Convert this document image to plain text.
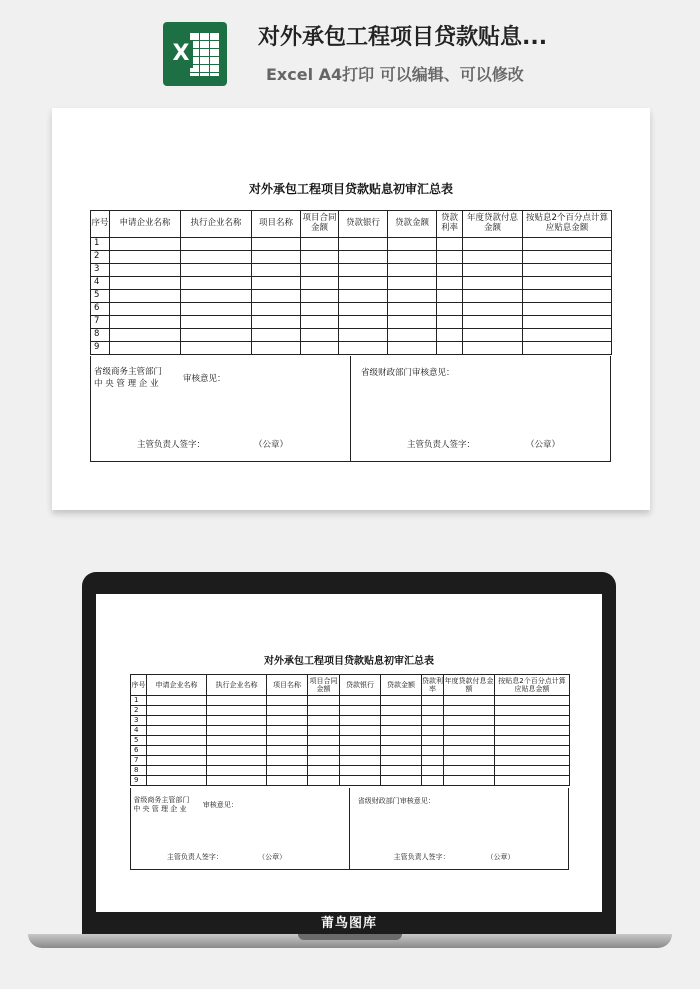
X
对外承包工程项目贷款贴息...
Excel A4打印 可以编辑、可以修改
对外承包工程项目贷款贴息初审汇总表
序号	申请企业名称	执行企业名称	项目名称	项目合同金额	贷款银行	贷款金额	贷款利率	年度贷款付息金额	按贴息2个百分点计算应贴息金额
1									
2									
3									
4									
5									
6									
7									
8									
9									
省级商务主管部门
中 央 管 理 企 业	审核意见：
主管负责人签字：	（公章）
省级财政部门审核意见：
主管负责人签字：	（公章）
对外承包工程项目贷款贴息初审汇总表
序号	申请企业名称	执行企业名称	项目名称	项目合同金额	贷款银行	贷款金额	贷款利率	年度贷款付息金额	按贴息2个百分点计算应贴息金额
1									
2									
3									
4									
5									
6									
7									
8									
9									
省级商务主管部门
中 央 管 理 企 业 审核意见：
主管负责人签字：	（公章）
省级财政部门审核意见：
主管负责人签字：	（公章）
莆鸟图库
